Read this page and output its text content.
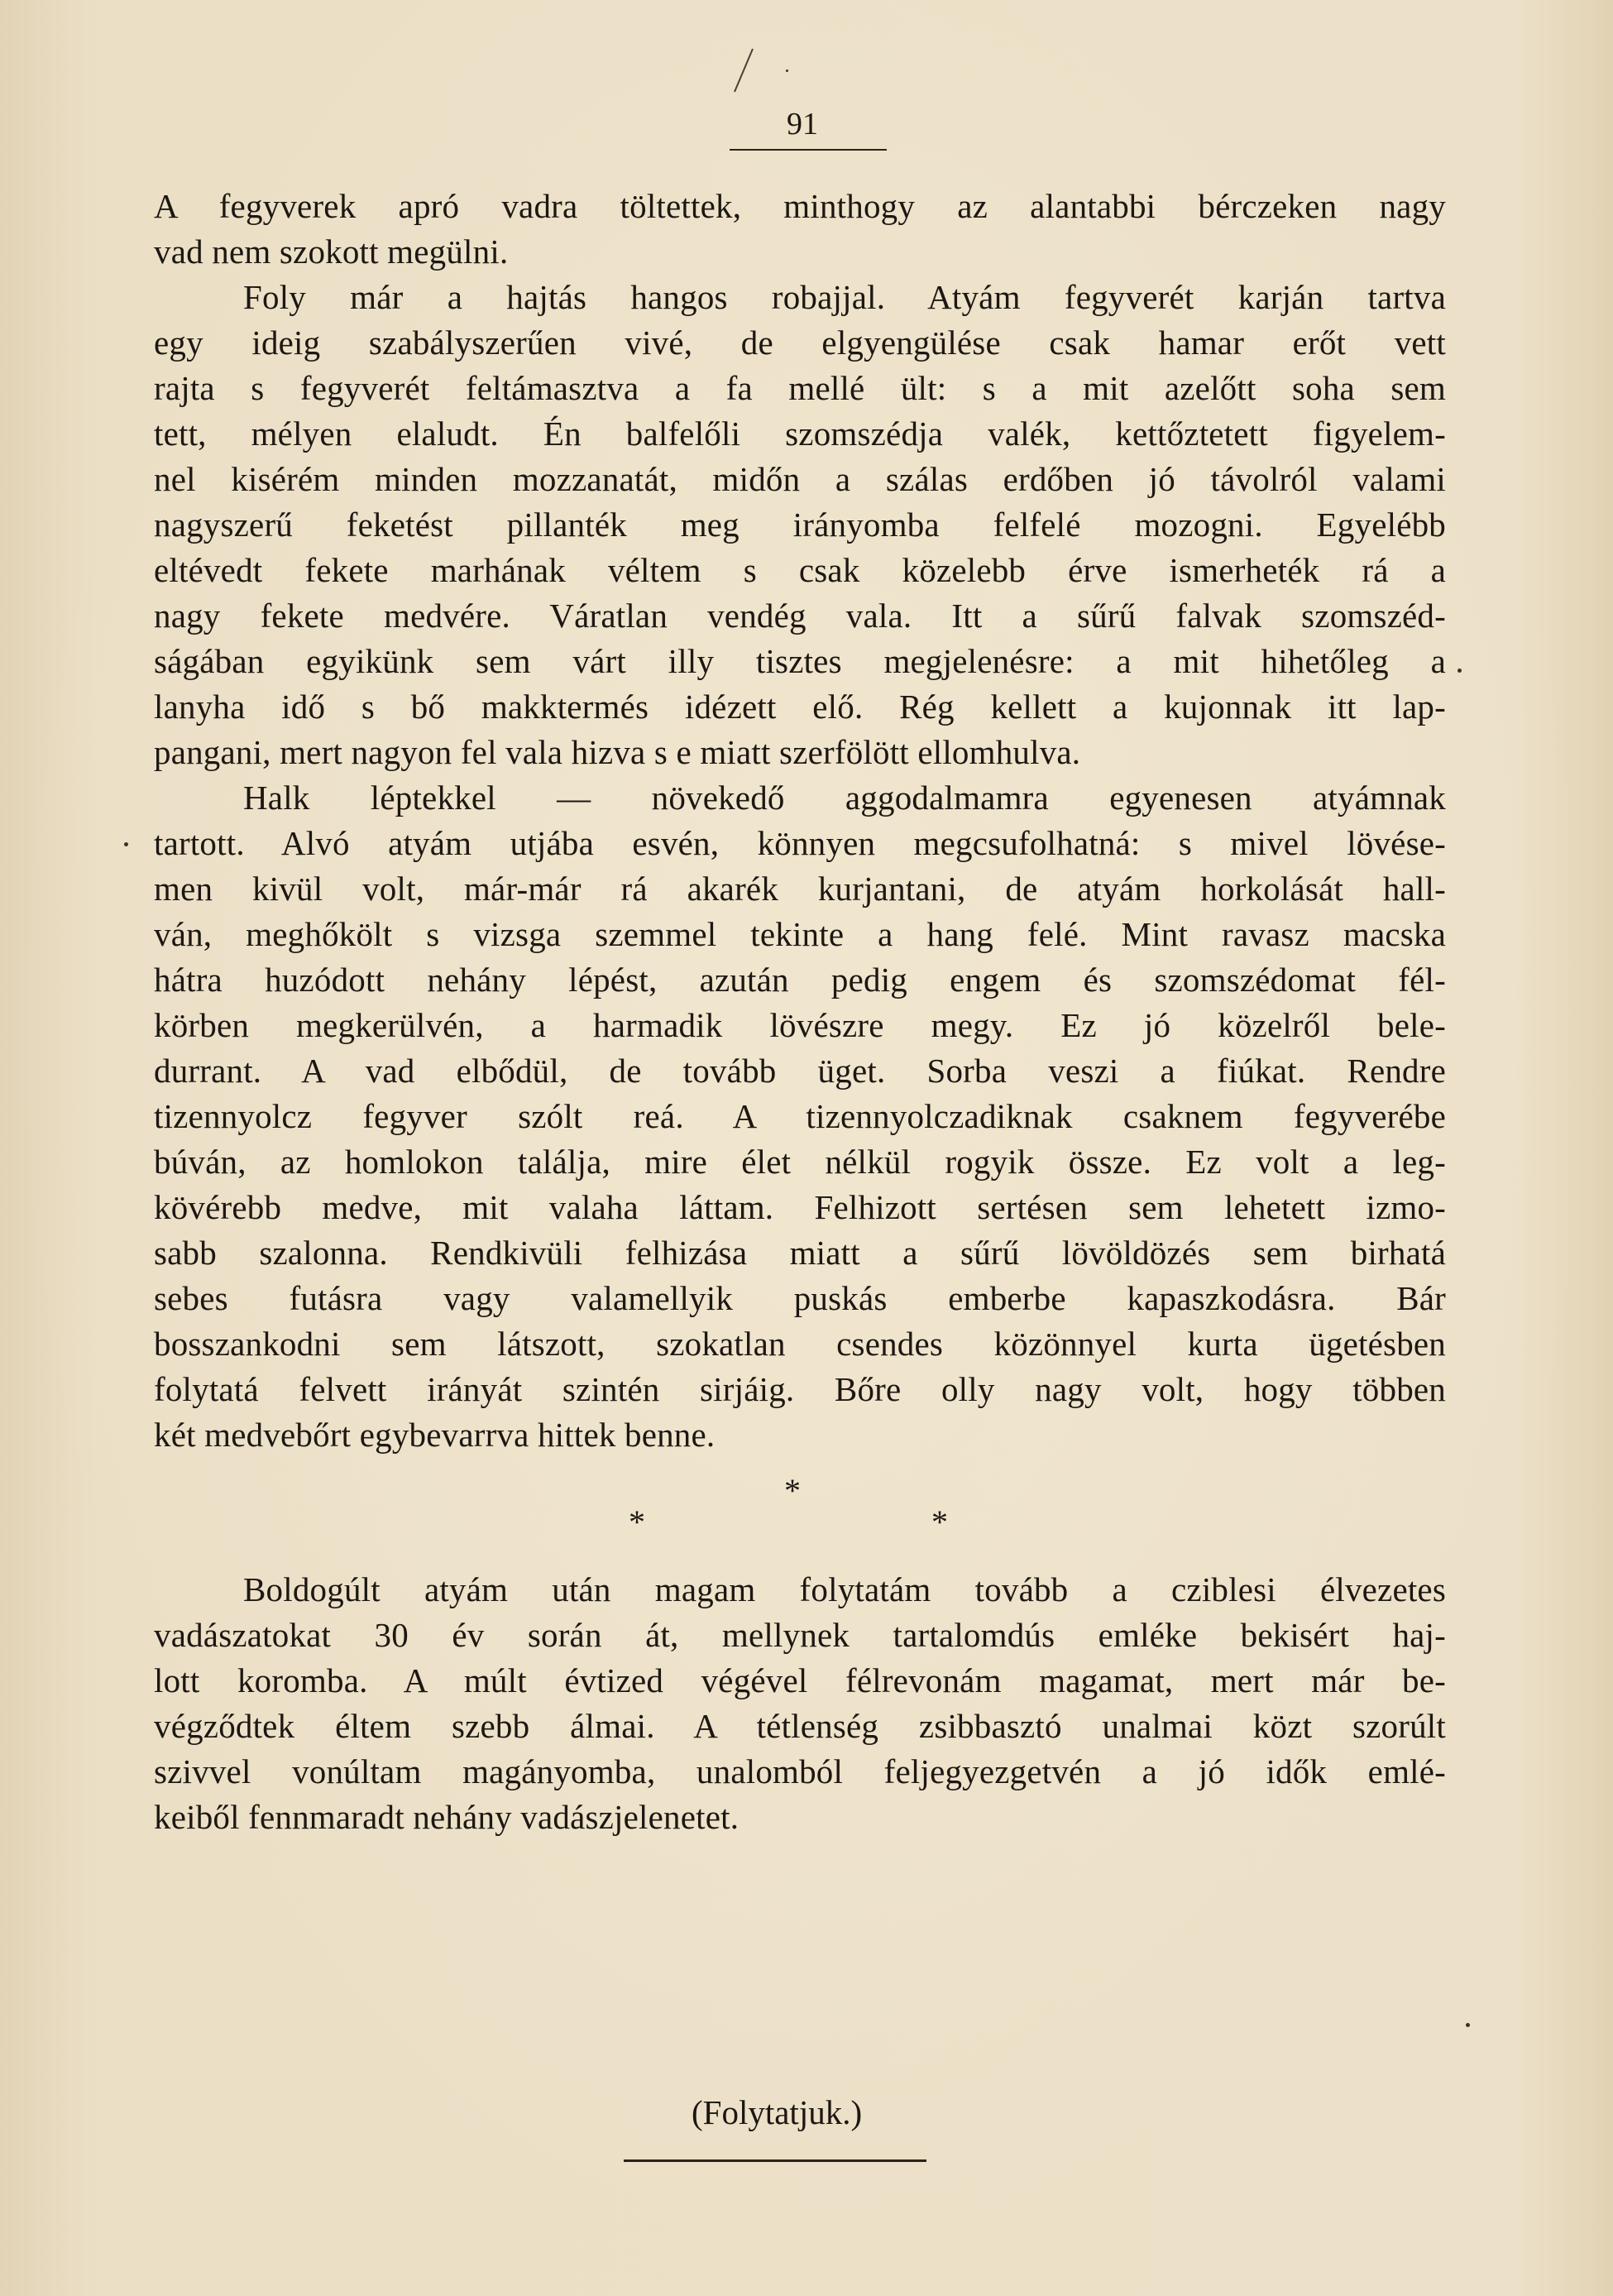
91
A fegyverek apró vadra töltettek, minthogy az alantabbi bérczeken nagy
vad nem szokott megülni.
Foly már a hajtás hangos robajjal. Atyám fegyverét karján tartva
egy ideig szabályszerűen vivé, de elgyengülése csak hamar erőt vett
rajta s fegyverét feltámasztva a fa mellé ült: s a mit azelőtt soha sem
tett, mélyen elaludt. Én balfelőli szomszédja valék, kettőztetett figyelem-
nel kisérém minden mozzanatát, midőn a szálas erdőben jó távolról valami
nagyszerű feketést pillanték meg irányomba felfelé mozogni. Egyelébb
eltévedt fekete marhának véltem s csak közelebb érve ismerheték rá a
nagy fekete medvére. Váratlan vendég vala. Itt a sűrű falvak szomszéd-
ságában egyikünk sem várt illy tisztes megjelenésre: a mit hihetőleg a
lanyha idő s bő makktermés idézett elő. Rég kellett a kujonnak itt lap-
pangani, mert nagyon fel vala hizva s e miatt szerfölött ellomhulva.
Halk léptekkel — növekedő aggodalmamra egyenesen atyámnak
tartott. Alvó atyám utjába esvén, könnyen megcsufolhatná: s mivel lövése-
men kivül volt, már-már rá akarék kurjantani, de atyám horkolását hall-
ván, meghőkölt s vizsga szemmel tekinte a hang felé. Mint ravasz macska
hátra huzódott nehány lépést, azután pedig engem és szomszédomat fél-
körben megkerülvén, a harmadik lövészre megy. Ez jó közelről bele-
durrant. A vad elbődül, de tovább üget. Sorba veszi a fiúkat. Rendre
tizennyolcz fegyver szólt reá. A tizennyolczadiknak csaknem fegyverébe
búván, az homlokon találja, mire élet nélkül rogyik össze. Ez volt a leg-
kövérebb medve, mit valaha láttam. Felhizott sertésen sem lehetett izmo-
sabb szalonna. Rendkivüli felhizása miatt a sűrű lövöldözés sem birhatá
sebes futásra vagy valamellyik puskás emberbe kapaszkodásra. Bár
bosszankodni sem látszott, szokatlan csendes közönnyel kurta ügetésben
folytatá felvett irányát szintén sirjáig. Bőre olly nagy volt, hogy többen
két medvebőrt egybevarrva hittek benne.
*
*	*
Boldogúlt atyám után magam folytatám tovább a cziblesi élvezetes
vadászatokat 30 év során át, mellynek tartalomdús emléke bekisért haj-
lott koromba. A múlt évtized végével félrevonám magamat, mert már be-
végződtek éltem szebb álmai. A tétlenség zsibbasztó unalmai közt szorúlt
szivvel vonúltam magányomba, unalomból feljegyezgetvén a jó idők emlé-
keiből fennmaradt nehány vadászjelenetet.
(Folytatjuk.)
